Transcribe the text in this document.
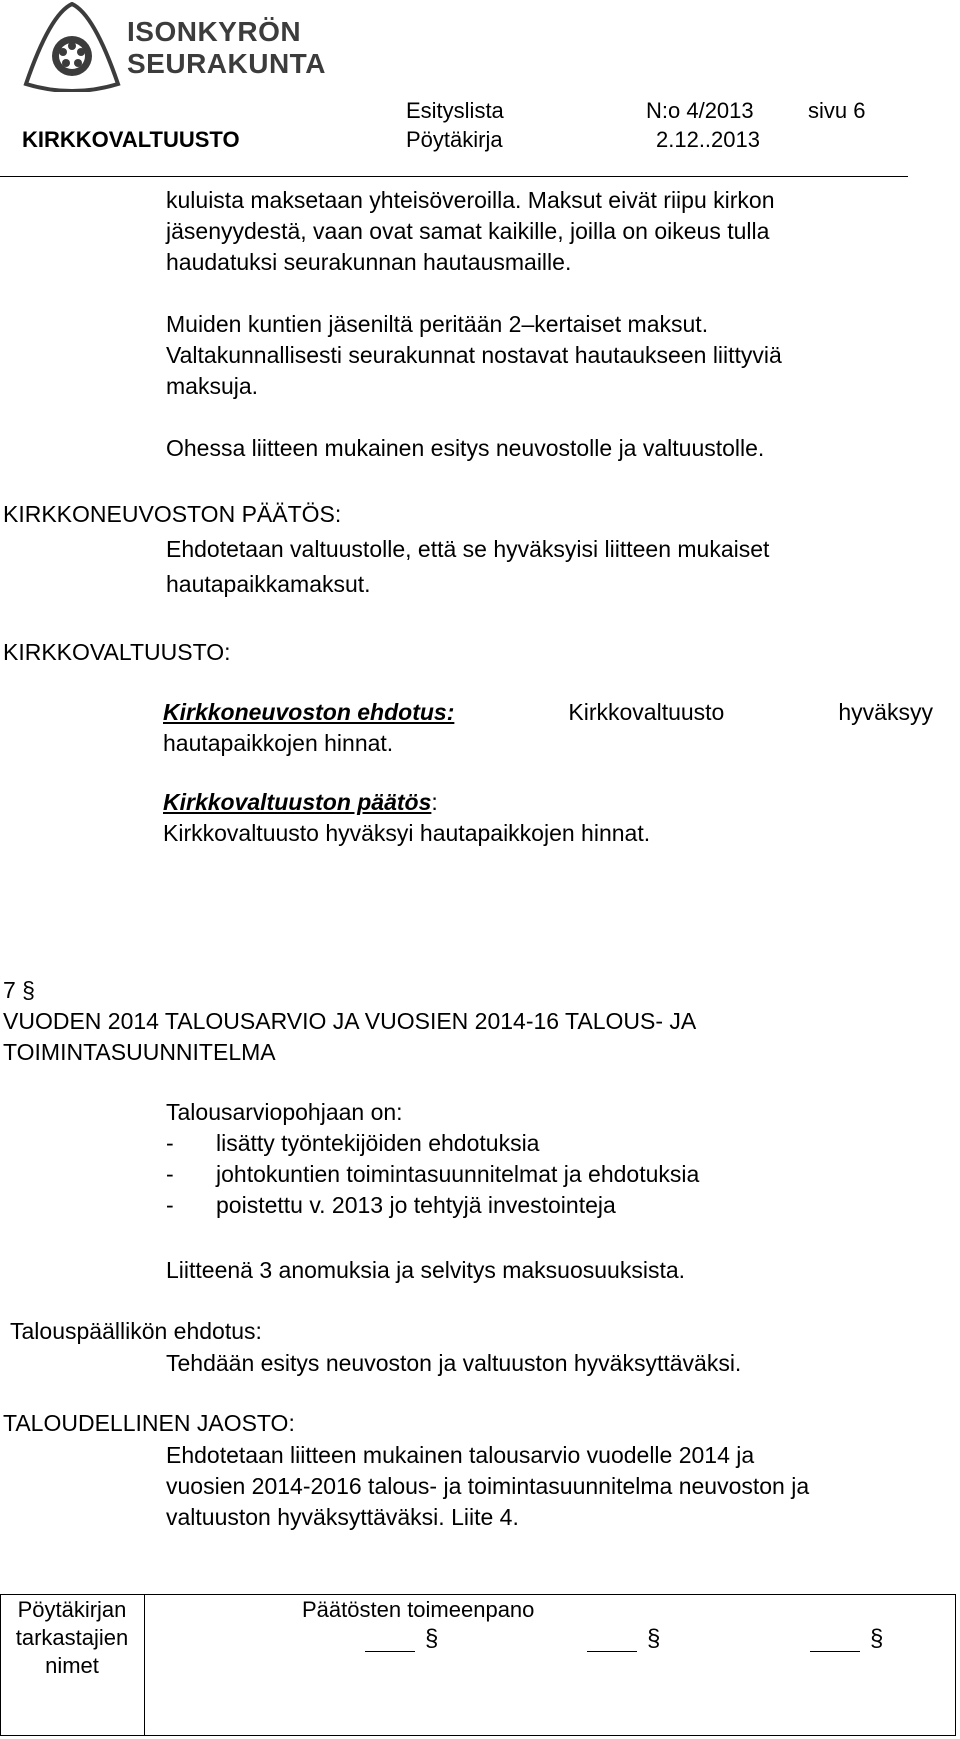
ISONKYRÖN
SEURAKUNTA
Esityslista	N:o 4/2013 sivu 6
KIRKKOVALTUUSTO	Pöytäkirja	2.12..2013
kuluista maksetaan yhteisöveroilla. Maksut eivät riipu kirkon
jäsenyydestä, vaan ovat samat kaikille, joilla on oikeus tulla
haudatuksi seurakunnan hautausmaille.
Muiden kuntien jäseniltä peritään 2–kertaiset maksut.
Valtakunnallisesti seurakunnat nostavat hautaukseen liittyviä
maksuja.
Ohessa liitteen mukainen esitys neuvostolle ja valtuustolle.
KIRKKONEUVOSTON PÄÄTÖS:
Ehdotetaan valtuustolle, että se hyväksyisi liitteen mukaiset
hautapaikkamaksut.
KIRKKOVALTUUSTO:
Kirkkoneuvoston ehdotus:	Kirkkovaltuusto	hyväksyy
hautapaikkojen hinnat.
Kirkkovaltuuston päätös:
Kirkkovaltuusto hyväksyi hautapaikkojen hinnat.
7 §
VUODEN 2014 TALOUSARVIO JA VUOSIEN 2014-16 TALOUS- JA
TOIMINTASUUNNITELMA
Talousarviopohjaan on:
-	lisätty työntekijöiden ehdotuksia
-	johtokuntien toimintasuunnitelmat ja ehdotuksia
-	poistettu v. 2013 jo tehtyjä investointeja
Liitteenä 3 anomuksia ja selvitys maksuosuuksista.
Talouspäällikön ehdotus:
Tehdään esitys neuvoston ja valtuuston hyväksyttäväksi.
TALOUDELLINEN JAOSTO:
Ehdotetaan liitteen mukainen talousarvio vuodelle 2014 ja
vuosien 2014-2016 talous- ja toimintasuunnitelma neuvoston ja
valtuuston hyväksyttäväksi. Liite 4.
Pöytäkirjan
tarkastajien
nimet
Päätösten toimeenpano
§	§	§
